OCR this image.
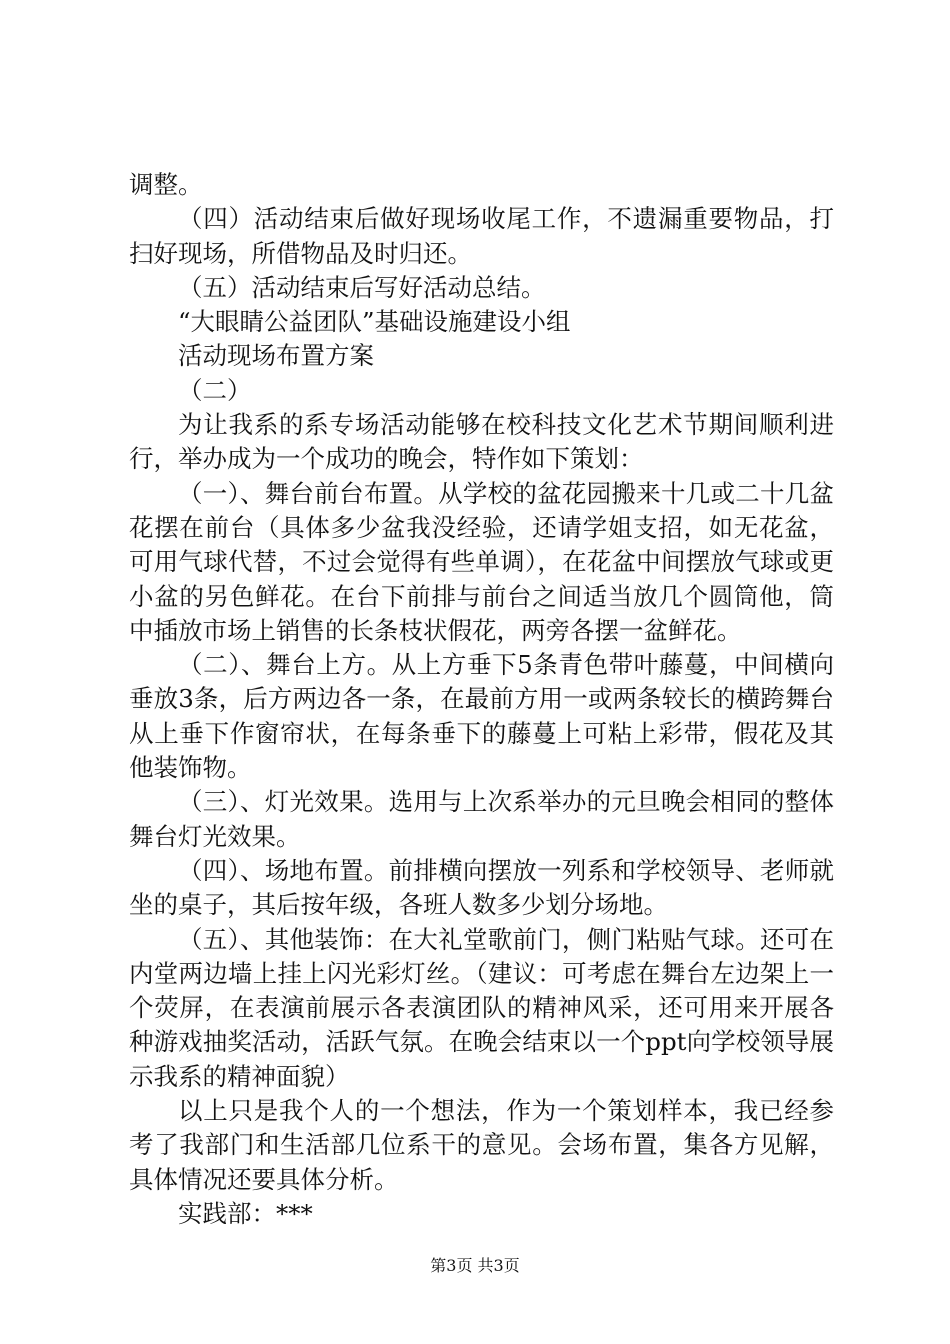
调整。

（四）活动结束后做好现场收尾工作，不遗漏重要物品，打扫好现场，所借物品及时归还。

（五）活动结束后写好活动总结。

“大眼睛公益团队”基础设施建设小组

活动现场布置方案

（二）

为让我系的系专场活动能够在校科技文化艺术节期间顺利进行，举办成为一个成功的晚会，特作如下策划：

（一）、舞台前台布置。从学校的盆花园搬来十几或二十几盆花摆在前台（具体多少盆我没经验，还请学姐支招，如无花盆，可用气球代替，不过会觉得有些单调），在花盆中间摆放气球或更小盆的另色鲜花。在台下前排与前台之间适当放几个圆筒他，筒中插放市场上销售的长条枝状假花，两旁各摆一盆鲜花。

（二）、舞台上方。从上方垂下5条青色带叶藤蔓，中间横向垂放3条，后方两边各一条，在最前方用一或两条较长的横跨舞台从上垂下作窗帘状，在每条垂下的藤蔓上可粘上彩带，假花及其他装饰物。

（三）、灯光效果。选用与上次系举办的元旦晚会相同的整体舞台灯光效果。

（四）、场地布置。前排横向摆放一列系和学校领导、老师就坐的桌子，其后按年级，各班人数多少划分场地。

（五）、其他装饰：在大礼堂歌前门，侧门粘贴气球。还可在内堂两边墙上挂上闪光彩灯丝。（建议：可考虑在舞台左边架上一个荧屏，在表演前展示各表演团队的精神风采，还可用来开展各种游戏抽奖活动，活跃气氛。在晚会结束以一个ppt向学校领导展示我系的精神面貌）

以上只是我个人的一个想法，作为一个策划样本，我已经参考了我部门和生活部几位系干的意见。会场布置，集各方见解，具体情况还要具体分析。

实践部：***

第3页 共3页
